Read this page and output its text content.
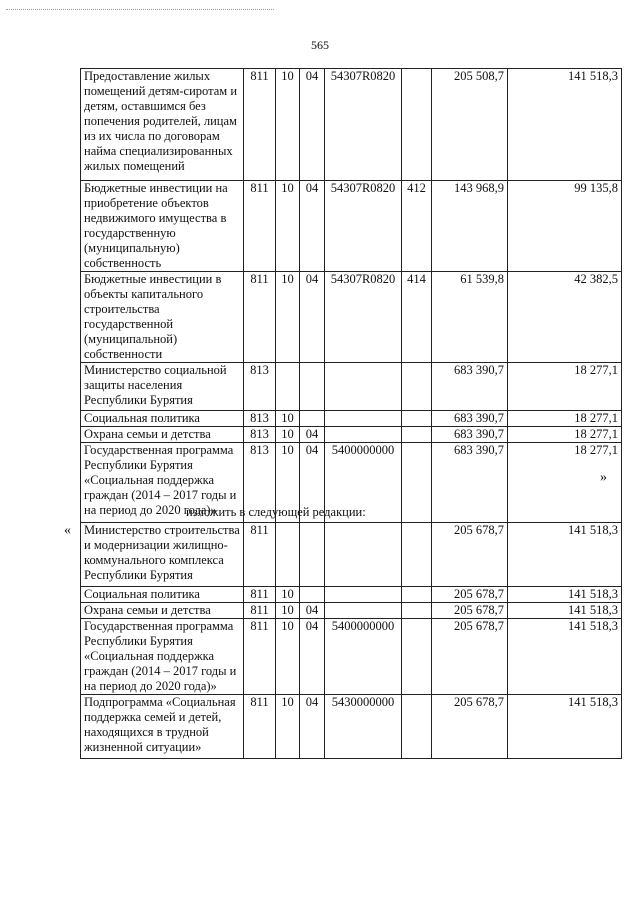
565
Предоставление жилых помещений детям-сиротам и детям, оставшимся без попечения родителей, лицам из их числа по договорам найма специализированных жилых помещений	811	10	04	54307R0820		205 508,7	141 518,3
Бюджетные инвестиции на приобретение объектов недвижимого имущества в государственную (муниципальную) собственность	811	10	04	54307R0820	412	143 968,9	99 135,8
Бюджетные инвестиции в объекты капитального строительства государственной (муниципальной) собственности	811	10	04	54307R0820	414	61 539,8	42 382,5
Министерство социальной защиты населения Республики Бурятия	813					683 390,7	18 277,1
Социальная политика	813	10				683 390,7	18 277,1
Охрана семьи и детства	813	10	04			683 390,7	18 277,1
Государственная программа Республики Бурятия «Социальная поддержка граждан (2014 – 2017 годы и на период до 2020 года)»	813	10	04	5400000000		683 390,7	18 277,1
»
изложить в следующей редакции:
« Министерство строительства и модернизации жилищно-коммунального комплекса Республики Бурятия	811					205 678,7	141 518,3
Социальная политика	811	10				205 678,7	141 518,3
Охрана семьи и детства	811	10	04			205 678,7	141 518,3
Государственная программа Республики Бурятия «Социальная поддержка граждан (2014 – 2017 годы и на период до 2020 года)»	811	10	04	5400000000		205 678,7	141 518,3
Подпрограмма «Социальная поддержка семей и детей, находящихся в трудной жизненной ситуации»	811	10	04	5430000000		205 678,7	141 518,3
